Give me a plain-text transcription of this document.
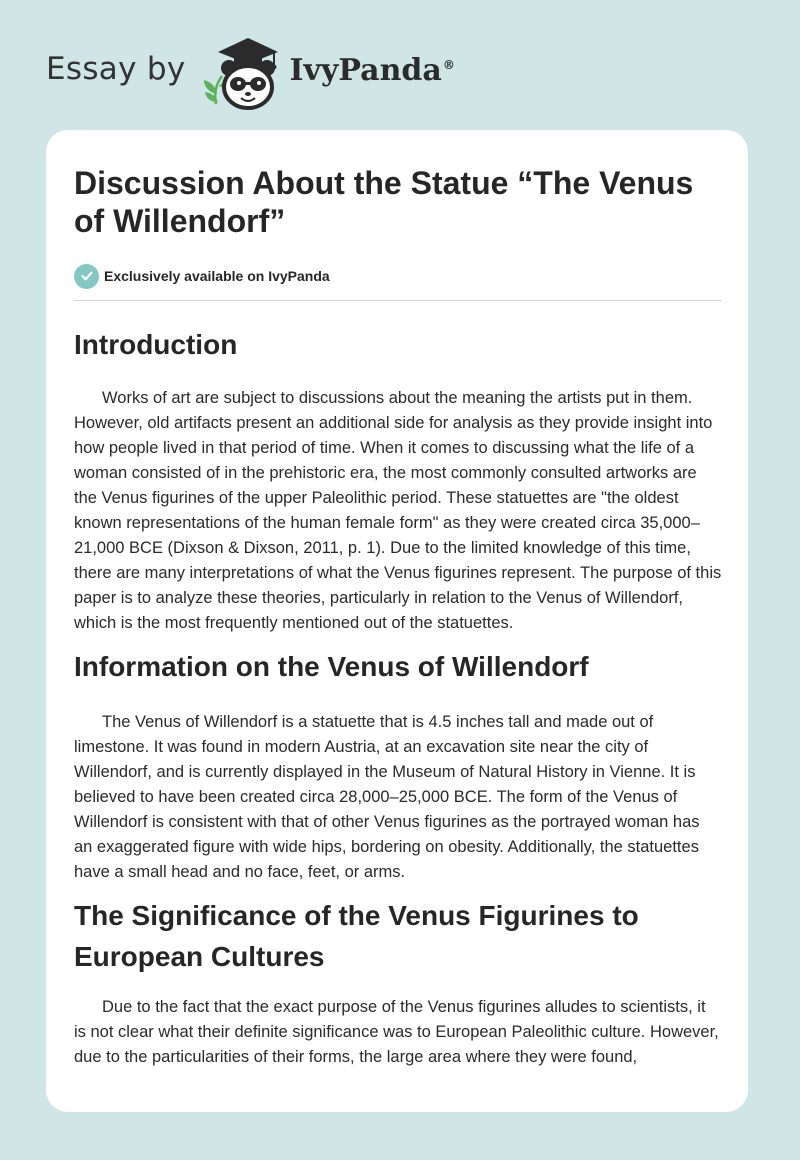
Essay by	IvyPanda®
Discussion About the Statue “The Venus of Willendorf”
Exclusively available on IvyPanda
Introduction

Works of art are subject to discussions about the meaning the artists put in them. However, old artifacts present an additional side for analysis as they provide insight into how people lived in that period of time. When it comes to discussing what the life of a woman consisted of in the prehistoric era, the most commonly consulted artworks are the Venus figurines of the upper Paleolithic period. These statuettes are "the oldest known representations of the human female form" as they were created circa 35,000–21,000 BCE (Dixson & Dixson, 2011, p. 1). Due to the limited knowledge of this time, there are many interpretations of what the Venus figurines represent. The purpose of this paper is to analyze these theories, particularly in relation to the Venus of Willendorf, which is the most frequently mentioned out of the statuettes.

Information on the Venus of Willendorf

The Venus of Willendorf is a statuette that is 4.5 inches tall and made out of limestone. It was found in modern Austria, at an excavation site near the city of Willendorf, and is currently displayed in the Museum of Natural History in Vienne. It is believed to have been created circa 28,000–25,000 BCE. The form of the Venus of Willendorf is consistent with that of other Venus figurines as the portrayed woman has an exaggerated figure with wide hips, bordering on obesity. Additionally, the statuettes have a small head and no face, feet, or arms.

The Significance of the Venus Figurines to European Cultures

Due to the fact that the exact purpose of the Venus figurines alludes to scientists, it is not clear what their definite significance was to European Paleolithic culture. However, due to the particularities of their forms, the large area where they were found,
